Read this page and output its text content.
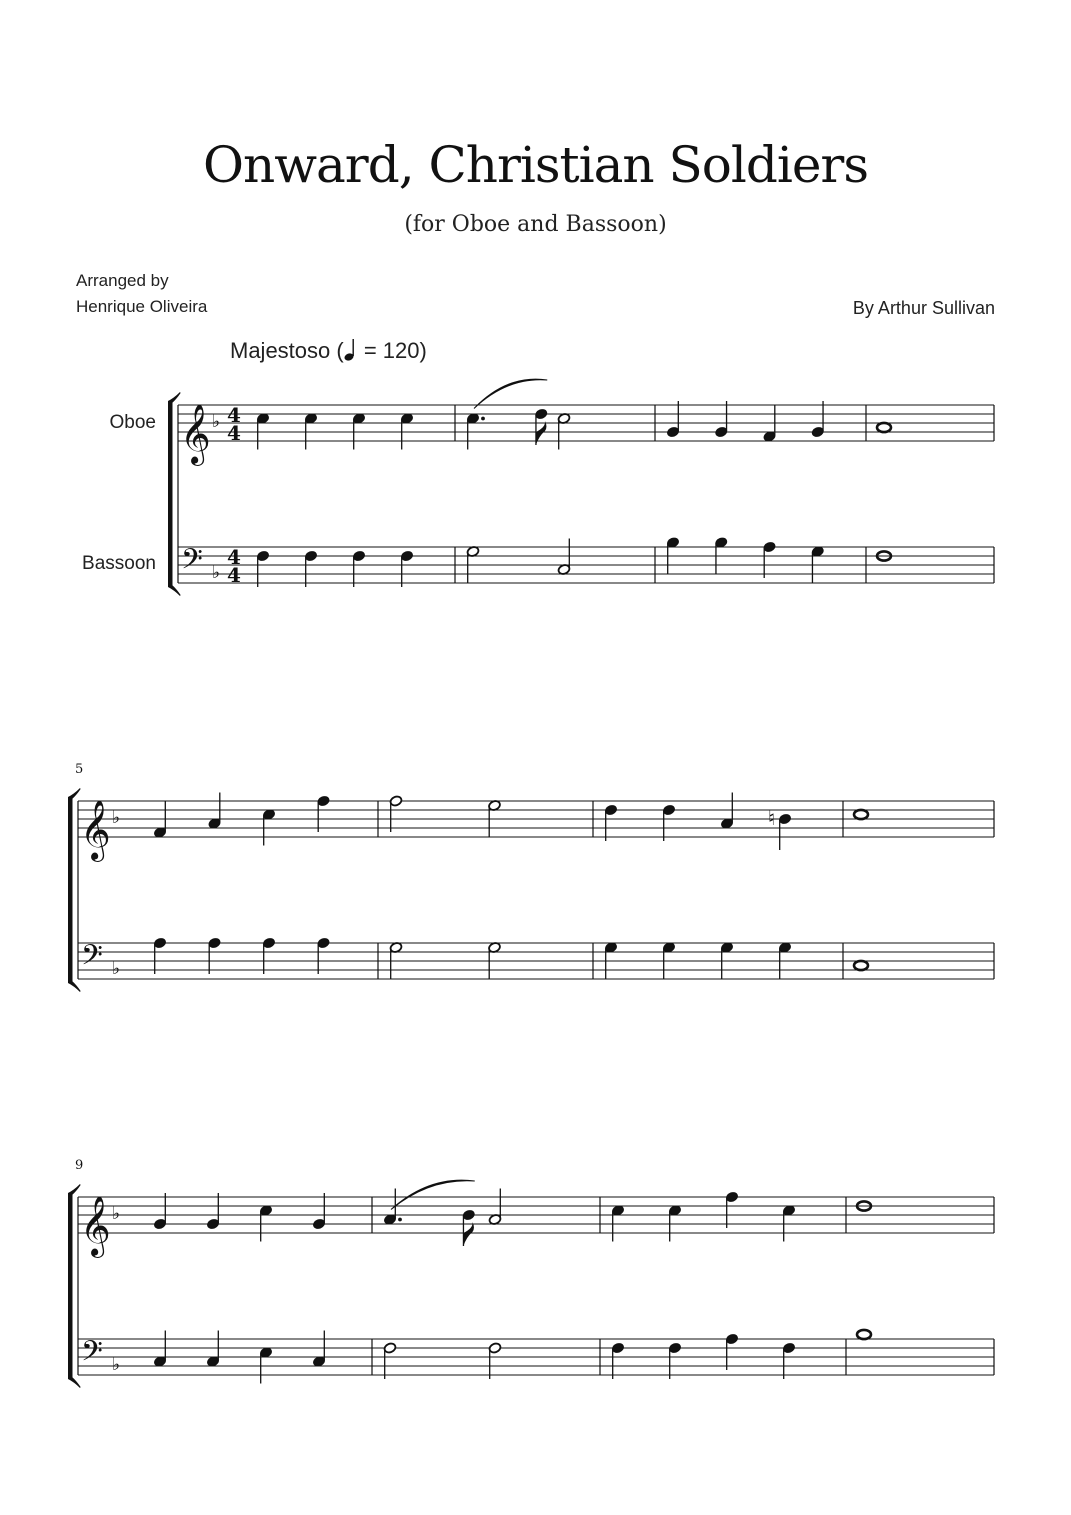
Onward, Christian Soldiers
(for Oboe and Bassoon)
Arranged by
Henrique Oliveira	By Arthur Sullivan
Majestoso ( = 120)
Oboe
Bassoon
𝄞
𝄢
♭
♭
4
4
4
4
𝄞
𝄢
♭
♭
5
♮
𝄞
𝄢
♭
♭
9
